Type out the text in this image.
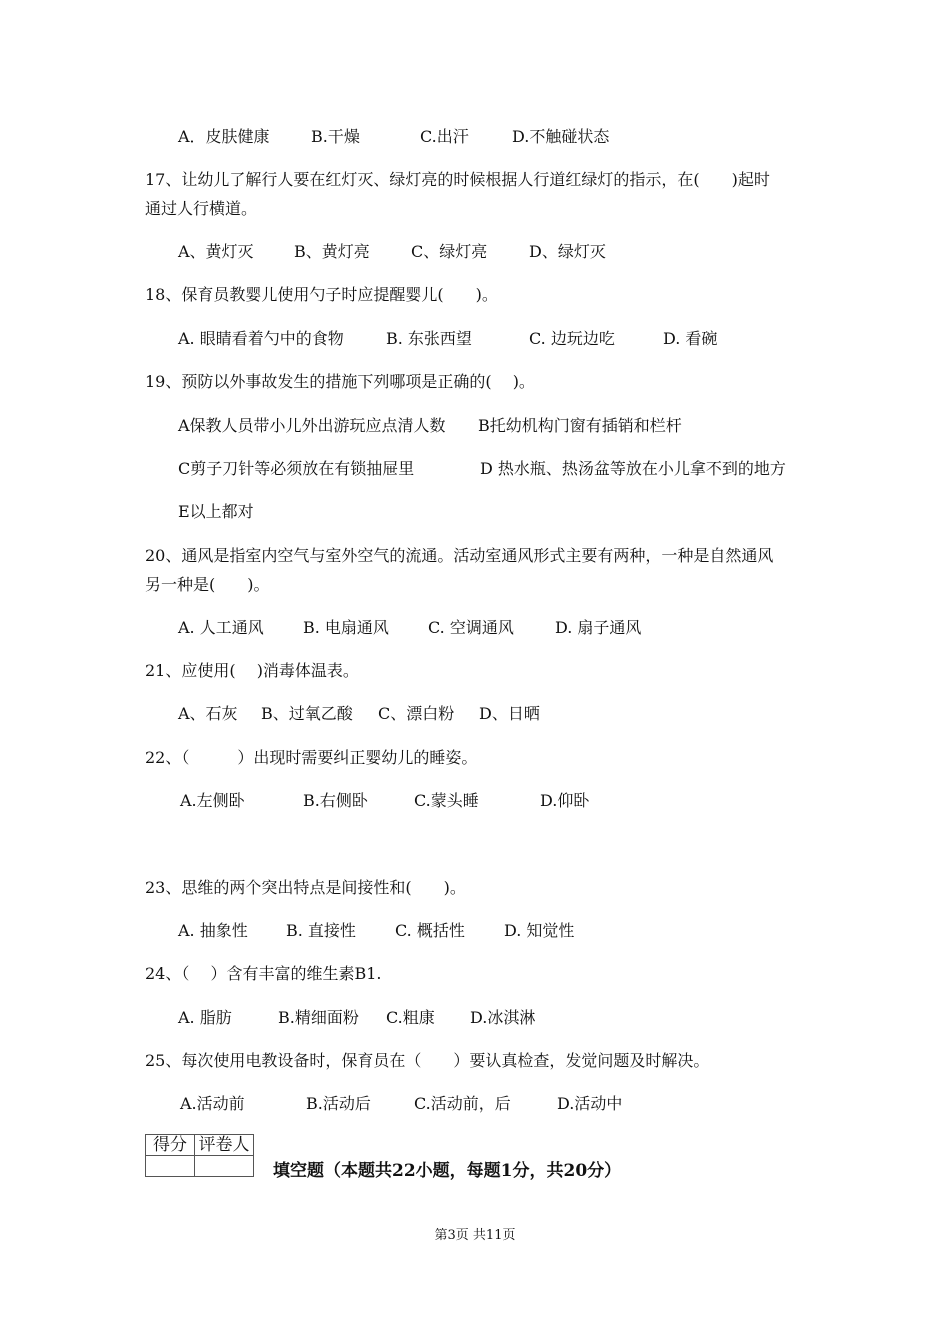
A．皮肤健康	B.干燥	C.出汗	D.不触碰状态
17、让幼儿了解行人要在红灯灭、绿灯亮的时候根据人行道红绿灯的指示，在(　　)起时
通过人行横道。
A、黄灯灭	B、黄灯亮	C、绿灯亮	D、绿灯灭
18、保育员教婴儿使用勺子时应提醒婴儿(　　)。
A. 眼睛看着勺中的食物	B. 东张西望	C. 边玩边吃	D. 看碗
19、预防以外事故发生的措施下列哪项是正确的(　 )。
A保教人员带小儿外出游玩应点清人数 B托幼机构门窗有插销和栏杆
C剪子刀针等必须放在有锁抽屉里	D 热水瓶、热汤盆等放在小儿拿不到的地方
E以上都对
20、通风是指室内空气与室外空气的流通。活动室通风形式主要有两种，一种是自然通风
另一种是(　　)。
A. 人工通风 B. 电扇通风 C. 空调通风	D. 扇子通风
21、应使用(　 )消毒体温表。
A、石灰 B、过氧乙酸 C、漂白粉 D、日晒
22、（　　　）出现时需要纠正婴幼儿的睡姿。
A.左侧卧	B.右侧卧	C.蒙头睡	D.仰卧
23、思维的两个突出特点是间接性和(　　)。
A. 抽象性 B. 直接性 C. 概括性 D. 知觉性
24、（　 ）含有丰富的维生素B1.
A. 脂肪	B.精细面粉 C.粗康 D.冰淇淋
25、每次使用电教设备时，保育员在（　　）要认真检查，发觉问题及时解决。
A.活动前	B.活动后	C.活动前，后	D.活动中
得分	评卷人

填空题（本题共22小题，每题1分，共20分）
第3页 共11页
